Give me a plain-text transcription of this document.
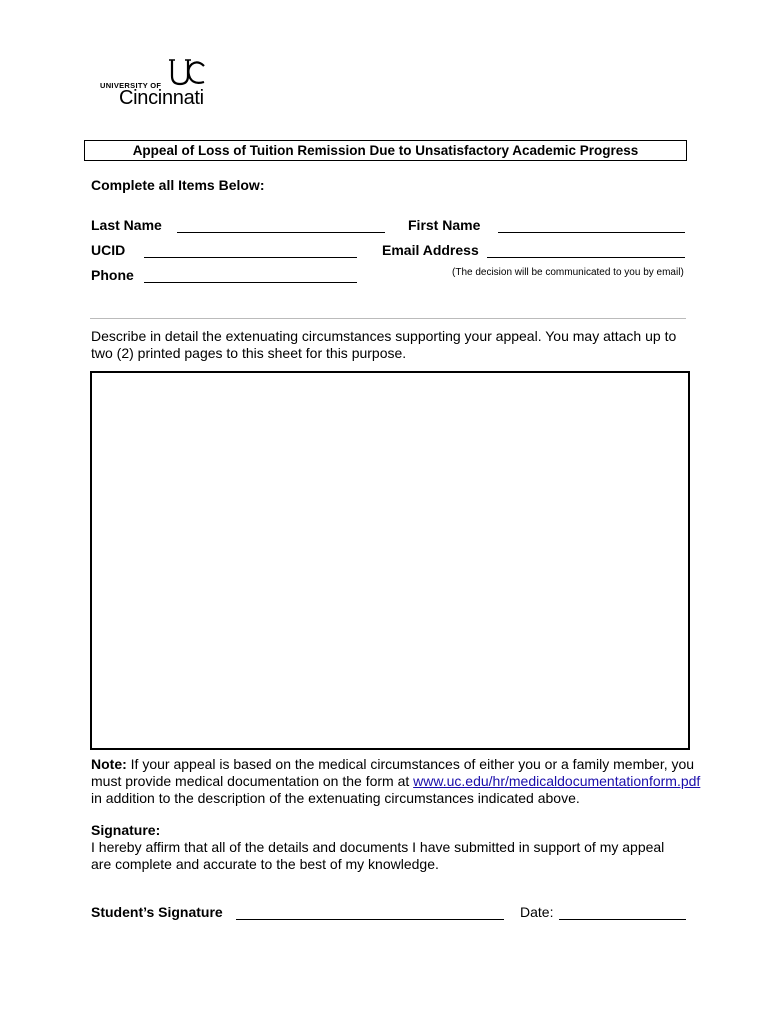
UNIVERSITY OF
Cincinnati
Appeal of Loss of Tuition Remission Due to Unsatisfactory Academic Progress
Complete all Items Below:
Last Name	First Name
UCID	Email Address
Phone	(The decision will be communicated to you by email)
Describe in detail the extenuating circumstances supporting your appeal. You may attach up to two (2) printed pages to this sheet for this purpose.
Note: If your appeal is based on the medical circumstances of either you or a family member, you must provide medical documentation on the form at www.uc.edu/hr/medicaldocumentationform.pdf in addition to the description of the extenuating circumstances indicated above.
Signature:
I hereby affirm that all of the details and documents I have submitted in support of my appeal are complete and accurate to the best of my knowledge.
Student’s Signature	Date:
